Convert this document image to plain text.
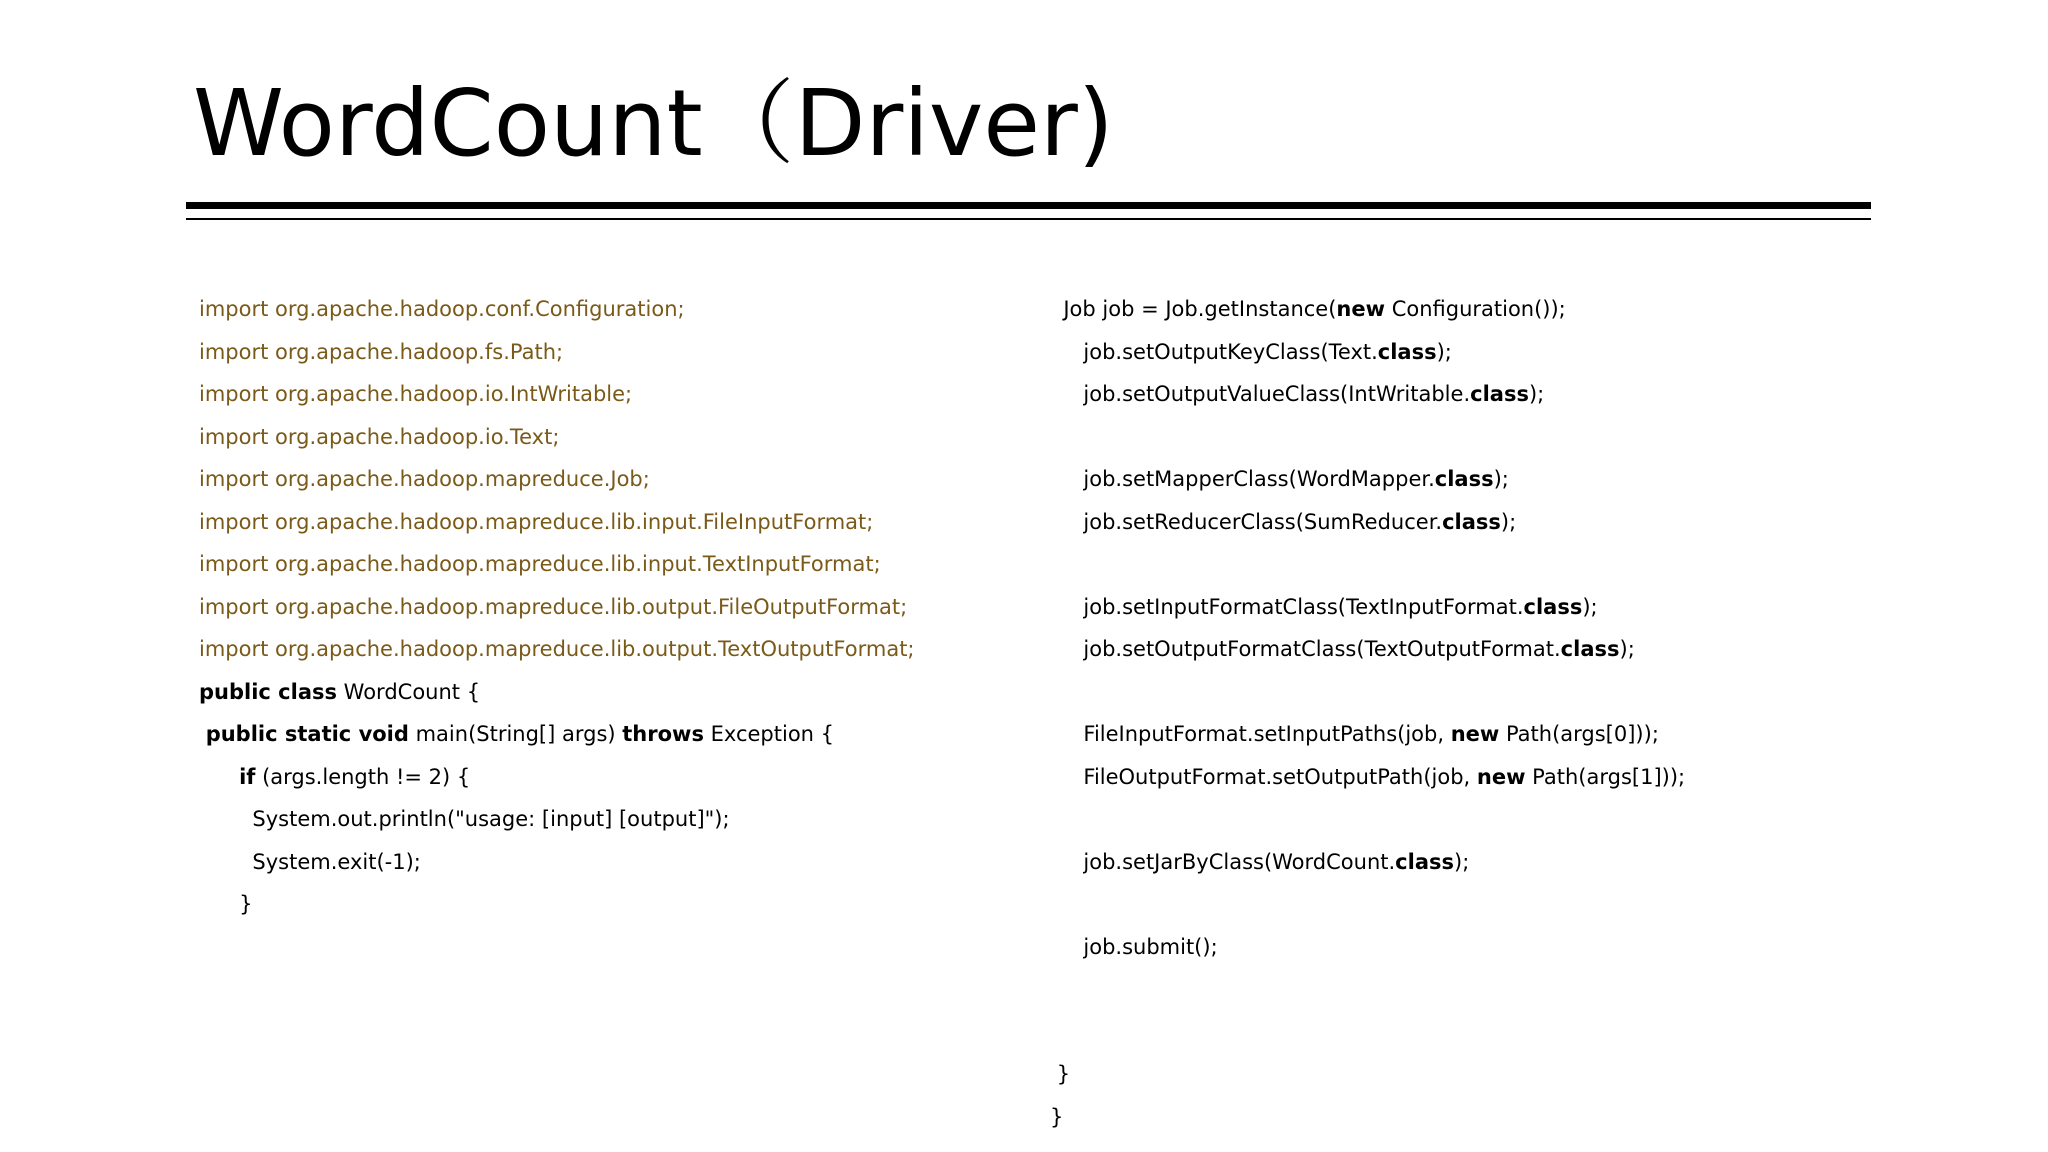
WordCount（Driver)
import org.apache.hadoop.conf.Configuration;
import org.apache.hadoop.fs.Path;
import org.apache.hadoop.io.IntWritable;
import org.apache.hadoop.io.Text;
import org.apache.hadoop.mapreduce.Job;
import org.apache.hadoop.mapreduce.lib.input.FileInputFormat;
import org.apache.hadoop.mapreduce.lib.input.TextInputFormat;
import org.apache.hadoop.mapreduce.lib.output.FileOutputFormat;
import org.apache.hadoop.mapreduce.lib.output.TextOutputFormat;
public class WordCount {
public static void main(String[] args) throws Exception {
if (args.length != 2) {
System.out.println("usage: [input] [output]");
System.exit(-1);
}
Job job = Job.getInstance(new Configuration());
job.setOutputKeyClass(Text.class);
job.setOutputValueClass(IntWritable.class);
job.setMapperClass(WordMapper.class);
job.setReducerClass(SumReducer.class);
job.setInputFormatClass(TextInputFormat.class);
job.setOutputFormatClass(TextOutputFormat.class);
FileInputFormat.setInputPaths(job, new Path(args[0]));
FileOutputFormat.setOutputPath(job, new Path(args[1]));
job.setJarByClass(WordCount.class);
job.submit();
}
}
